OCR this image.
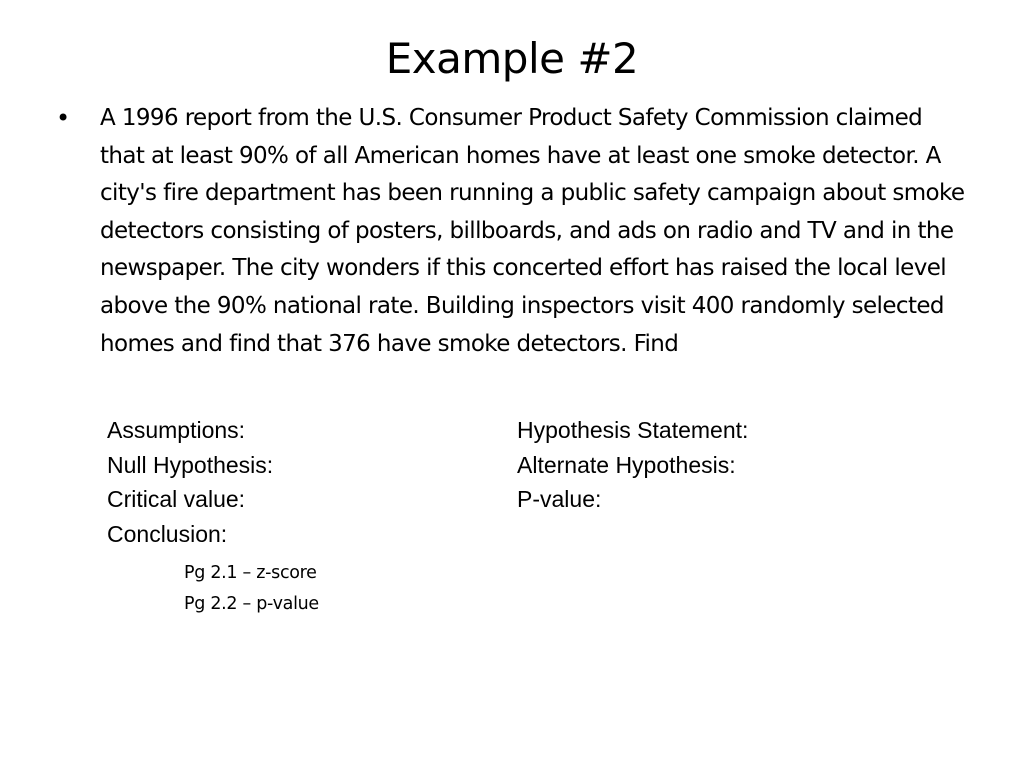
Example #2
• A 1996 report from the U.S. Consumer Product Safety Commission claimed that at least 90% of all American homes have at least one smoke detector. A city's fire department has been running a public safety campaign about smoke detectors consisting of posters, billboards, and ads on radio and TV and in the newspaper. The city wonders if this concerted effort has raised the local level above the 90% national rate. Building inspectors visit 400 randomly selected homes and find that 376 have smoke detectors. Find
Assumptions:	Hypothesis Statement:
Null Hypothesis:	Alternate Hypothesis:
Critical value:	P-value:
Conclusion:
Pg 2.1 – z-score
Pg 2.2 – p-value
